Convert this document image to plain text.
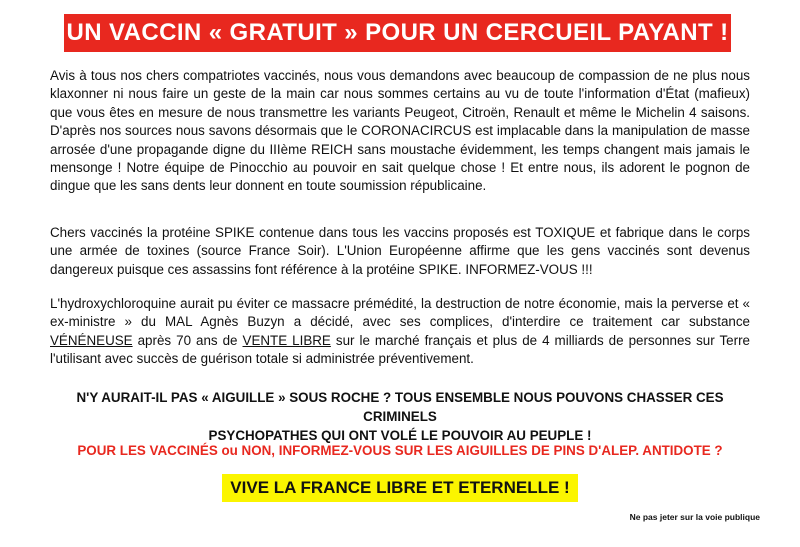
UN VACCIN « GRATUIT » POUR UN CERCUEIL PAYANT !
Avis à tous nos chers compatriotes vaccinés, nous vous demandons avec beaucoup de compassion de ne plus nous klaxonner ni nous faire un geste de la main car nous sommes certains au vu de toute l'information d'État (mafieux) que vous êtes en mesure de nous transmettre les variants Peugeot, Citroën, Renault et même le Michelin 4 saisons. D'après nos sources nous savons désormais que le CORONACIRCUS est implacable dans la manipulation de masse arrosée d'une propagande digne du IIIème REICH sans moustache évidemment, les temps changent mais jamais le mensonge ! Notre équipe de Pinocchio au pouvoir en sait quelque chose ! Et entre nous, ils adorent le pognon de dingue que les sans dents leur donnent en toute soumission républicaine.
Chers vaccinés la protéine SPIKE contenue dans tous les vaccins proposés est TOXIQUE et fabrique dans le corps une armée de toxines (source France Soir). L'Union Européenne affirme que les gens vaccinés sont devenus dangereux puisque ces assassins font référence à la protéine SPIKE. INFORMEZ-VOUS !!!
L'hydroxychloroquine aurait pu éviter ce massacre prémédité, la destruction de notre économie, mais la perverse et « ex-ministre » du MAL Agnès Buzyn a décidé, avec ses complices, d'interdire ce traitement car substance VÉNÉNEUSE après 70 ans de VENTE LIBRE sur le marché français et plus de 4 milliards de personnes sur Terre l'utilisant avec succès de guérison totale si administrée préventivement.
N'Y AURAIT-IL PAS « AIGUILLE » SOUS ROCHE ? TOUS ENSEMBLE NOUS POUVONS CHASSER CES CRIMINELS
PSYCHOPATHES QUI ONT VOLÉ LE POUVOIR AU PEUPLE !
POUR LES VACCINÉS ou NON, INFORMEZ-VOUS SUR LES AIGUILLES DE PINS D'ALEP. ANTIDOTE ?
VIVE LA FRANCE LIBRE ET ETERNELLE !
Ne pas jeter sur la voie publique
